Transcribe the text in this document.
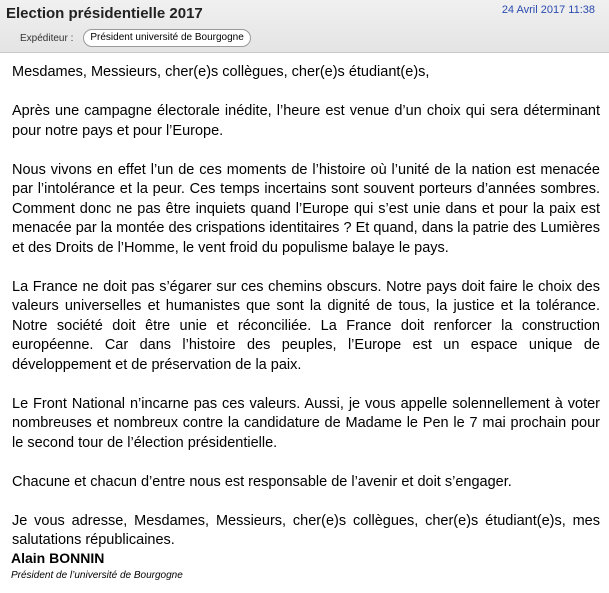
Election présidentielle 2017	24 Avril 2017 11:38
Expéditeur :	Président université de Bourgogne

Mesdames, Messieurs, cher(e)s collègues, cher(e)s étudiant(e)s,

Après une campagne électorale inédite, l’heure est venue d’un choix qui sera déterminant pour notre pays et pour l’Europe.

Nous vivons en effet l’un de ces moments de l’histoire où l’unité de la nation est menacée par l’intolérance et la peur. Ces temps incertains sont souvent porteurs d’années sombres. Comment donc ne pas être inquiets quand l’Europe qui s’est unie dans et pour la paix est menacée par la montée des crispations identitaires ? Et quand, dans la patrie des Lumières et des Droits de l’Homme, le vent froid du populisme balaye le pays.

La France ne doit pas s’égarer sur ces chemins obscurs. Notre pays doit faire le choix des valeurs universelles et humanistes que sont la dignité de tous, la justice et la tolérance. Notre société doit être unie et réconciliée. La France doit renforcer la construction européenne. Car dans l’histoire des peuples, l’Europe est un espace unique de développement et de préservation de la paix.

Le Front National n’incarne pas ces valeurs. Aussi, je vous appelle solennellement à voter nombreuses et nombreux contre la candidature de Madame le Pen le 7 mai prochain pour le second tour de l’élection présidentielle.

Chacune et chacun d’entre nous est responsable de l’avenir et doit s’engager.

Je vous adresse, Mesdames, Messieurs, cher(e)s collègues, cher(e)s étudiant(e)s, mes salutations républicaines.

Alain BONNIN
Président de l’université de Bourgogne
